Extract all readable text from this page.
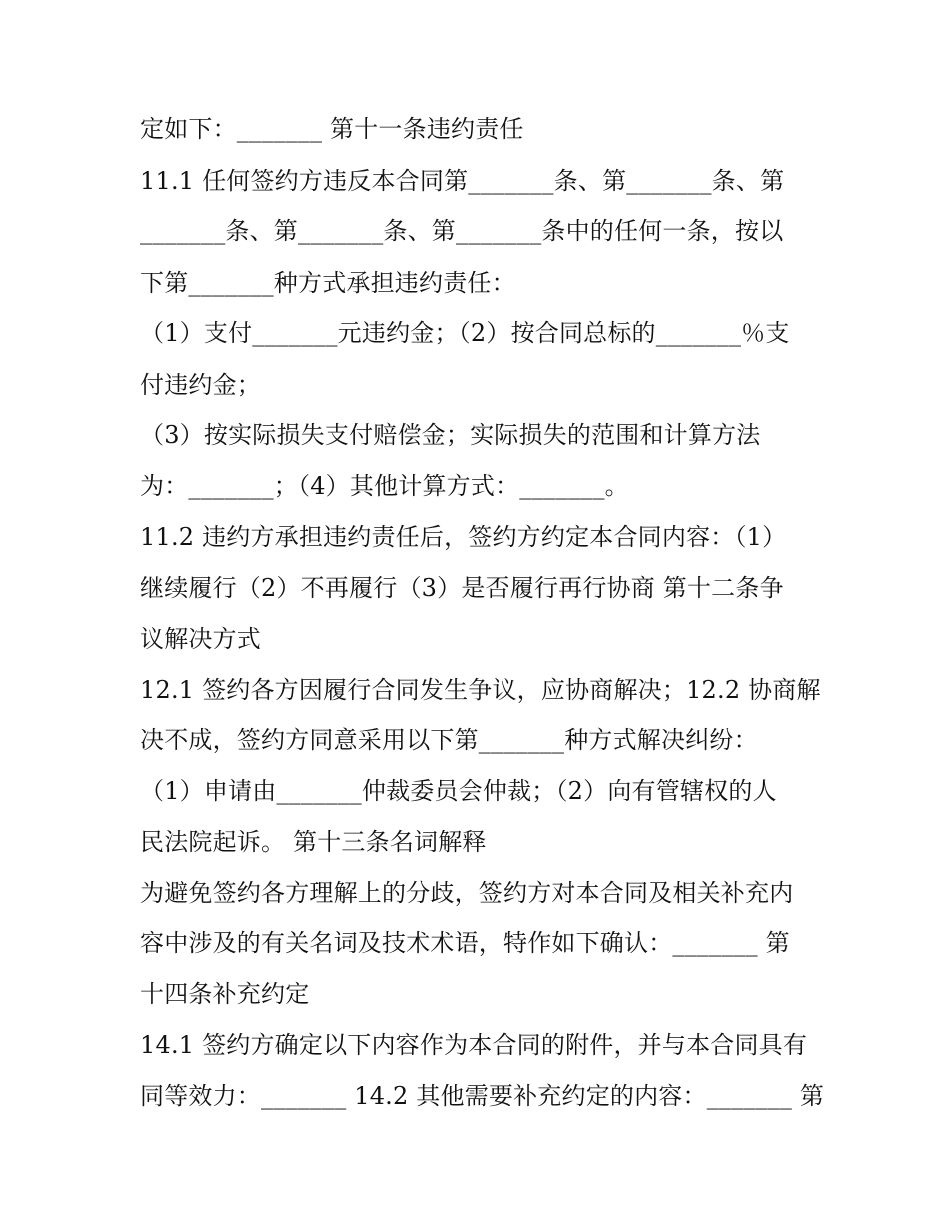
定如下：_______ 第十一条违约责任
11.1 任何签约方违反本合同第_______条、第_______条、第
_______条、第_______条、第_______条中的任何一条，按以
下第_______种方式承担违约责任：
（1）支付_______元违约金；（2）按合同总标的_______％支
付违约金；
（3）按实际损失支付赔偿金；实际损失的范围和计算方法
为：_______；（4）其他计算方式：_______。
11.2 违约方承担违约责任后，签约方约定本合同内容：（1）
继续履行（2）不再履行（3）是否履行再行协商 第十二条争
议解决方式
12.1 签约各方因履行合同发生争议，应协商解决；12.2 协商解
决不成，签约方同意采用以下第_______种方式解决纠纷：
（1）申请由_______仲裁委员会仲裁；（2）向有管辖权的人
民法院起诉。 第十三条名词解释
为避免签约各方理解上的分歧，签约方对本合同及相关补充内
容中涉及的有关名词及技术术语，特作如下确认：_______ 第
十四条补充约定
14.1 签约方确定以下内容作为本合同的附件，并与本合同具有
同等效力：_______ 14.2 其他需要补充约定的内容：_______ 第
